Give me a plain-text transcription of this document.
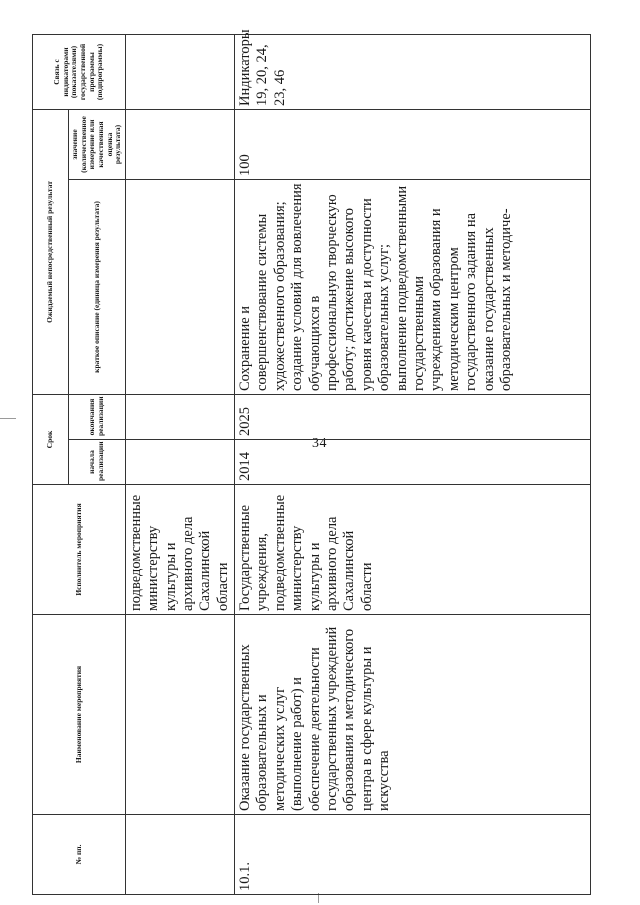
34
№ пп.	Наименование мероприятия	Исполнитель мероприятия	Срок		Ожидаемый непосредственный результат		Связь с индикаторами (показателями) государственной программы (подпрограммы)
			начала реализации	окончания реализации	краткое описание (единица измерения результата)	значение (количественное измерение или качественная оценка результата)	
		подведомственные министерству культуры и архивного дела Сахалинской области					
10.1.	Оказание государственных образовательных и методических услуг (выполнение работ) и обеспечение деятельности государственных учреждений образования и методического центра в сфере культуры и искусства	Государственные учреждения, подведомственные министерству культуры и архивного дела Сахалинской области	2014	2025	Сохранение и совершенствование системы художественного образования; создание условий для вовлечения обучающихся в профессиональную творческую работу; достижение высокого уровня качества и доступности образовательных услуг; выполнение подведомственными государственными учреждениями образования и методическим центром государственного задания на оказание государственных образовательных и методиче-	100	Индикаторы 19, 20, 24, 23, 46
